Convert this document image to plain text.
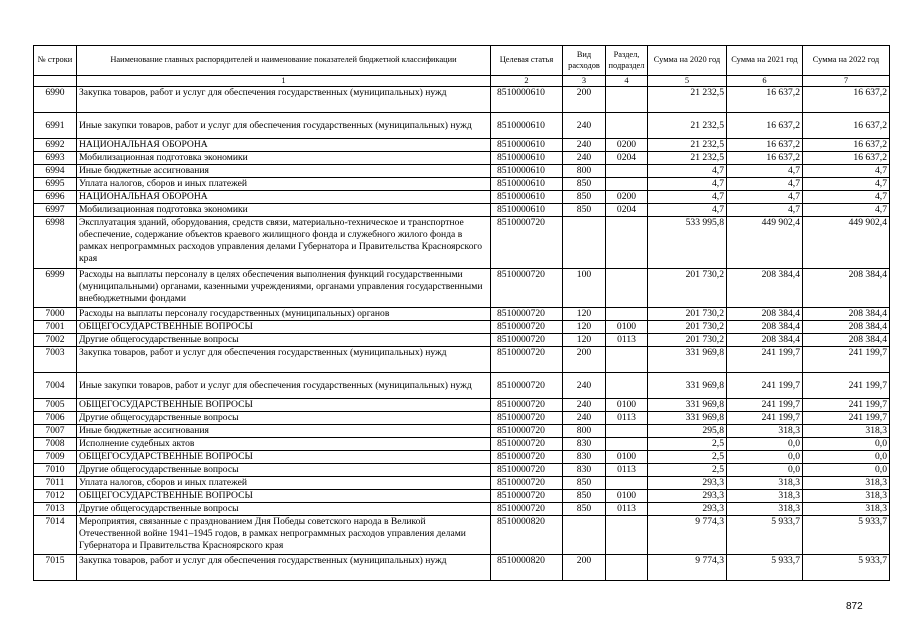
№ строки	Наименование главных распорядителей и наименование показателей бюджетной классификации	Целевая статья	Вид расходов	Раздел, подраздел	Сумма на 2020 год	Сумма на 2021 год	Сумма на 2022 год
	1	2	3	4	5	6	7
6990	Закупка товаров, работ и услуг для обеспечения государственных (муниципальных) нужд	8510000610	200		21 232,5	16 637,2	16 637,2
6991	Иные закупки товаров, работ и услуг для обеспечения государственных (муниципальных) нужд	8510000610	240		21 232,5	16 637,2	16 637,2
6992	НАЦИОНАЛЬНАЯ ОБОРОНА	8510000610	240	0200	21 232,5	16 637,2	16 637,2
6993	Мобилизационная подготовка экономики	8510000610	240	0204	21 232,5	16 637,2	16 637,2
6994	Иные бюджетные ассигнования	8510000610	800		4,7	4,7	4,7
6995	Уплата налогов, сборов и иных платежей	8510000610	850		4,7	4,7	4,7
6996	НАЦИОНАЛЬНАЯ ОБОРОНА	8510000610	850	0200	4,7	4,7	4,7
6997	Мобилизационная подготовка экономики	8510000610	850	0204	4,7	4,7	4,7
6998	Эксплуатация зданий, оборудования, средств связи, материально-техническое и транспортное обеспечение, содержание объектов краевого жилищного фонда и служебного жилого фонда в рамках непрограммных расходов управления делами Губернатора и Правительства Красноярского края	8510000720			533 995,8	449 902,4	449 902,4
6999	Расходы на выплаты персоналу в целях обеспечения выполнения функций государственными (муниципальными) органами, казенными учреждениями, органами управления государственными внебюджетными фондами	8510000720	100		201 730,2	208 384,4	208 384,4
7000	Расходы на выплаты персоналу государственных (муниципальных) органов	8510000720	120		201 730,2	208 384,4	208 384,4
7001	ОБЩЕГОСУДАРСТВЕННЫЕ ВОПРОСЫ	8510000720	120	0100	201 730,2	208 384,4	208 384,4
7002	Другие общегосударственные вопросы	8510000720	120	0113	201 730,2	208 384,4	208 384,4
7003	Закупка товаров, работ и услуг для обеспечения государственных (муниципальных) нужд	8510000720	200		331 969,8	241 199,7	241 199,7
7004	Иные закупки товаров, работ и услуг для обеспечения государственных (муниципальных) нужд	8510000720	240		331 969,8	241 199,7	241 199,7
7005	ОБЩЕГОСУДАРСТВЕННЫЕ ВОПРОСЫ	8510000720	240	0100	331 969,8	241 199,7	241 199,7
7006	Другие общегосударственные вопросы	8510000720	240	0113	331 969,8	241 199,7	241 199,7
7007	Иные бюджетные ассигнования	8510000720	800		295,8	318,3	318,3
7008	Исполнение судебных актов	8510000720	830		2,5	0,0	0,0
7009	ОБЩЕГОСУДАРСТВЕННЫЕ ВОПРОСЫ	8510000720	830	0100	2,5	0,0	0,0
7010	Другие общегосударственные вопросы	8510000720	830	0113	2,5	0,0	0,0
7011	Уплата налогов, сборов и иных платежей	8510000720	850		293,3	318,3	318,3
7012	ОБЩЕГОСУДАРСТВЕННЫЕ ВОПРОСЫ	8510000720	850	0100	293,3	318,3	318,3
7013	Другие общегосударственные вопросы	8510000720	850	0113	293,3	318,3	318,3
7014	Мероприятия, связанные с празднованием Дня Победы советского народа в Великой Отечественной войне 1941–1945 годов, в рамках непрограммных расходов управления делами Губернатора и Правительства Красноярского края	8510000820			9 774,3	5 933,7	5 933,7
7015	Закупка товаров, работ и услуг для обеспечения государственных (муниципальных) нужд	8510000820	200		9 774,3	5 933,7	5 933,7
872
